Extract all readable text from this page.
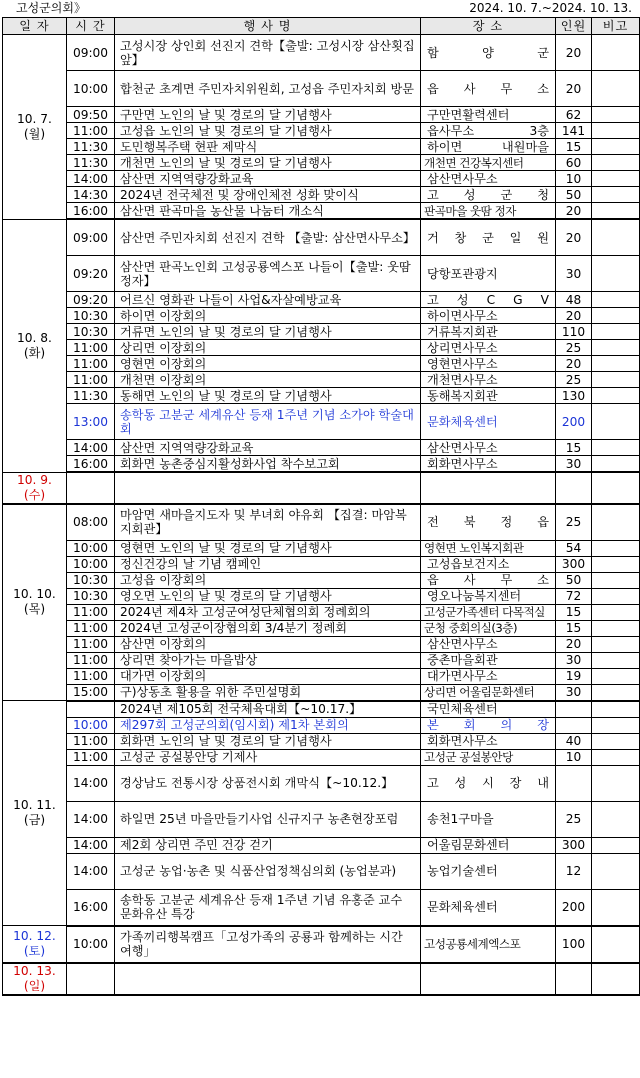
고성군의회》	2024. 10. 7.~2024. 10. 13.
일 자	시 간	행 사 명	장 소	인원	비고
10. 7.
(월)	09:00	고성시장 상인회 선진지 견학【출발: 고성시장 삼산횟집 앞】	함 양 군	20	
	10:00	합천군 초계면 주민자치위원회, 고성읍 주민자치회 방문	읍 사 무 소	20	
	09:50	구만면 노인의 날 및 경로의 달 기념행사	구만면활력센터	62	
	11:00	고성읍 노인의 날 및 경로의 달 기념행사	읍사무소 3층	141	
	11:30	도민행복주택 현판 제막식	하이면 내원마을	15	
	11:30	개천면 노인의 날 및 경로의 달 기념행사	개천면 건강복지센터	60	
	14:00	삼산면 지역역량강화교육	삼산면사무소	10	
	14:30	2024년 전국체전 및 장애인체전 성화 맞이식	고 성 군 청	50	
	16:00	삼산면 판곡마을 농산물 나눔터 개소식	판곡마을 웃땀 정자	20	
10. 8.
(화)	09:00	삼산면 주민자치회 선진지 견학 【출발: 삼산면사무소】	거 창 군 일 원	20	
	09:20	삼산면 판곡노인회 고성공룡엑스포 나들이【출발: 웃땀 정자】	당항포관광지	30	
	09:20	어르신 영화관 나들이 사업&자살예방교육	고 성 C G V	48	
	10:30	하이면 이장회의	하이면사무소	20	
	10:30	거류면 노인의 날 및 경로의 달 기념행사	거류복지회관	110	
	11:00	상리면 이장회의	상리면사무소	25	
	11:00	영현면 이장회의	영현면사무소	20	
	11:00	개천면 이장회의	개천면사무소	25	
	11:30	동해면 노인의 날 및 경로의 달 기념행사	동해복지회관	130	
	13:00	송학동 고분군 세계유산 등재 1주년 기념 소가야 학술대회	문화체육센터	200	
	14:00	삼산면 지역역량강화교육	삼산면사무소	15	
	16:00	회화면 농촌중심지활성화사업 착수보고회	회화면사무소	30	
10. 9.
(수)					
10. 10.
(목)	08:00	마암면 새마을지도자 및 부녀회 야유회 【집결: 마암복지회관】	전 북 정 읍	25	
	10:00	영현면 노인의 날 및 경로의 달 기념행사	영현면 노인복지회관	54	
	10:00	정신건강의 날 기념 캠페인	고성읍보건지소	300	
	10:30	고성읍 이장회의	읍 사 무 소	50	
	10:30	영오면 노인의 날 및 경로의 달 기념행사	영오나눔복지센터	72	
	11:00	2024년 제4차 고성군여성단체협의회 정례회의	고성군가족센터 다목적실	15	
	11:00	2024년 고성군이장협의회 3/4분기 정례회	군청 중회의실(3층)	15	
	11:00	삼산면 이장회의	삼산면사무소	20	
	11:00	상리면 찾아가는 마을밥상	중촌마을회관	30	
	11:00	대가면 이장회의	대가면사무소	19	
	15:00	구)상동초 활용을 위한 주민설명회	상리면 어울림문화센터	30	
10. 11.
(금)		2024년 제105회 전국체육대회【~10.17.】	국민체육센터		
	10:00	제297회 고성군의회(임시회) 제1차 본회의	본 회 의 장		
	11:00	회화면 노인의 날 및 경로의 달 기념행사	회화면사무소	40	
	11:00	고성군 공설봉안당 기제사	고성군 공설봉안당	10	
	14:00	경상남도 전통시장 상품전시회 개막식【~10.12.】	고 성 시 장 내		
	14:00	하일면 25년 마을만들기사업 신규지구 농촌현장포럼	송천1구마을	25	
	14:00	제2회 상리면 주민 건강 걷기	어울림문화센터	300	
	14:00	고성군 농업·농촌 및 식품산업정책심의회 (농업분과)	농업기술센터	12	
	16:00	송학동 고분군 세계유산 등재 1주년 기념 유홍준 교수 문화유산 특강	문화체육센터	200	
10. 12.
(토)	10:00	가족끼리행복캠프「고성가족의 공룡과 함께하는 시간 여행」	고성공룡세계엑스포	100	
10. 13.
(일)					
